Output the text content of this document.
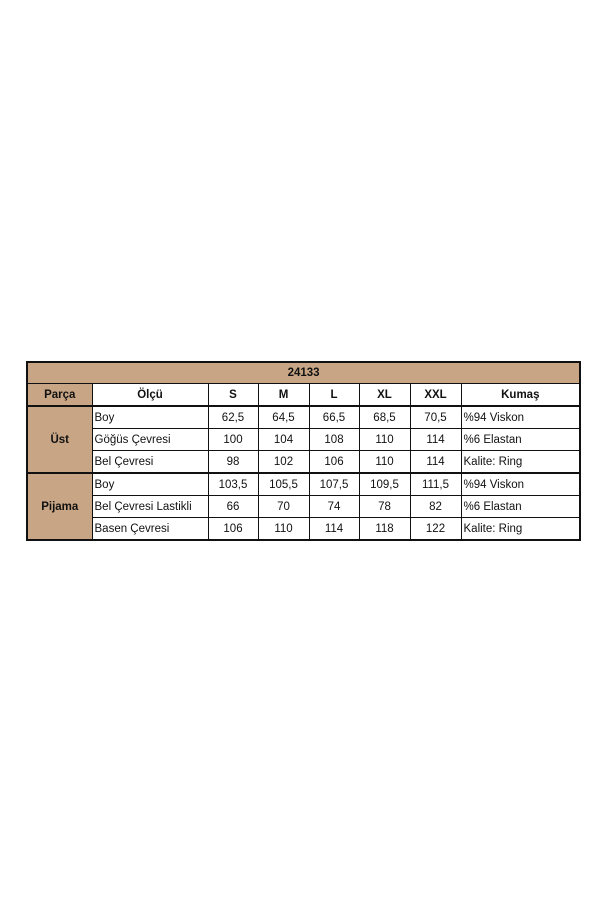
24133							
Parça	Ölçü	S	M	L	XL	XXL	Kumaş
Üst	Boy	62,5	64,5	66,5	68,5	70,5	%94 Viskon
	Göğüs Çevresi	100	104	108	110	114	%6 Elastan
	Bel Çevresi	98	102	106	110	114	Kalite: Ring
Pijama	Boy	103,5	105,5	107,5	109,5	111,5	%94 Viskon
	Bel Çevresi Lastikli	66	70	74	78	82	%6 Elastan
	Basen Çevresi	106	110	114	118	122	Kalite: Ring
